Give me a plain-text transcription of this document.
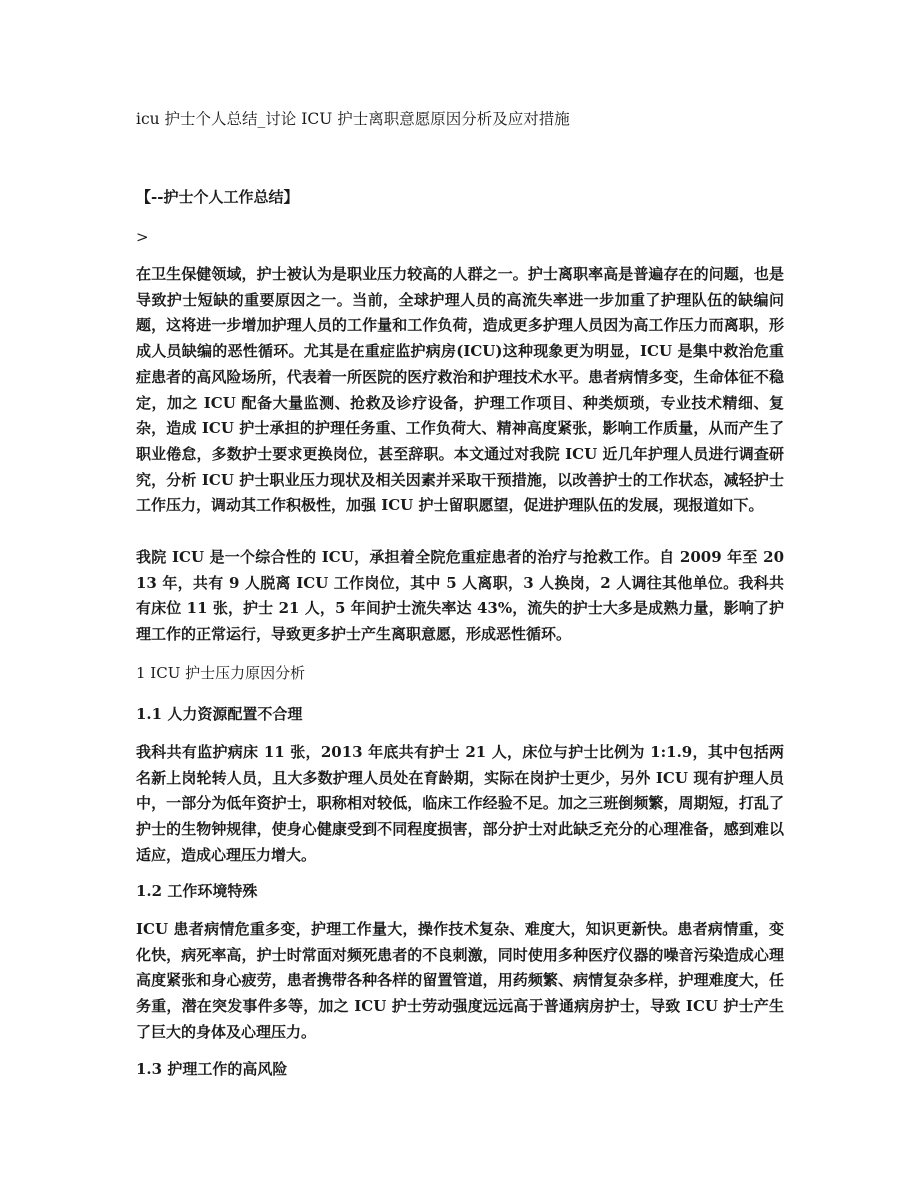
icu 护士个人总结_讨论 ICU 护士离职意愿原因分析及应对措施
【--护士个人工作总结】
>

在卫生保健领域，护士被认为是职业压力较高的人群之一。护士离职率高是普遍存在的问题，也是导致护士短缺的重要原因之一。当前，全球护理人员的高流失率进一步加重了护理队伍的缺编问题，这将进一步增加护理人员的工作量和工作负荷，造成更多护理人员因为高工作压力而离职，形成人员缺编的恶性循环。尤其是在重症监护病房(ICU)这种现象更为明显，ICU 是集中救治危重症患者的高风险场所，代表着一所医院的医疗救治和护理技术水平。患者病情多变，生命体征不稳定，加之 ICU 配备大量监测、抢救及诊疗设备，护理工作项目、种类烦琐，专业技术精细、复杂，造成 ICU 护士承担的护理任务重、工作负荷大、精神高度紧张，影响工作质量，从而产生了职业倦怠，多数护士要求更换岗位，甚至辞职。本文通过对我院 ICU 近几年护理人员进行调查研究，分析 ICU 护士职业压力现状及相关因素并采取干预措施，以改善护士的工作状态，减轻护士工作压力，调动其工作积极性，加强 ICU 护士留职愿望，促进护理队伍的发展，现报道如下。

我院 ICU 是一个综合性的 ICU，承担着全院危重症患者的治疗与抢救工作。自 2009 年至 2013 年，共有 9 人脱离 ICU 工作岗位，其中 5 人离职，3 人换岗，2 人调往其他单位。我科共有床位 11 张，护士 21 人，5 年间护士流失率达 43%，流失的护士大多是成熟力量，影响了护理工作的正常运行，导致更多护士产生离职意愿，形成恶性循环。

1 ICU 护士压力原因分析
1.1 人力资源配置不合理

我科共有监护病床 11 张，2013 年底共有护士 21 人，床位与护士比例为 1:1.9，其中包括两名新上岗轮转人员，且大多数护理人员处在育龄期，实际在岗护士更少，另外 ICU 现有护理人员中，一部分为低年资护士，职称相对较低，临床工作经验不足。加之三班倒频繁，周期短，打乱了护士的生物钟规律，使身心健康受到不同程度损害，部分护士对此缺乏充分的心理准备，感到难以适应，造成心理压力增大。

1.2 工作环境特殊

ICU 患者病情危重多变，护理工作量大，操作技术复杂、难度大，知识更新快。患者病情重，变化快，病死率高，护士时常面对频死患者的不良刺激，同时使用多种医疗仪器的噪音污染造成心理高度紧张和身心疲劳，患者携带各种各样的留置管道，用药频繁、病情复杂多样，护理难度大，任务重，潜在突发事件多等，加之 ICU 护士劳动强度远远高于普通病房护士，导致 ICU 护士产生了巨大的身体及心理压力。

1.3 护理工作的高风险
